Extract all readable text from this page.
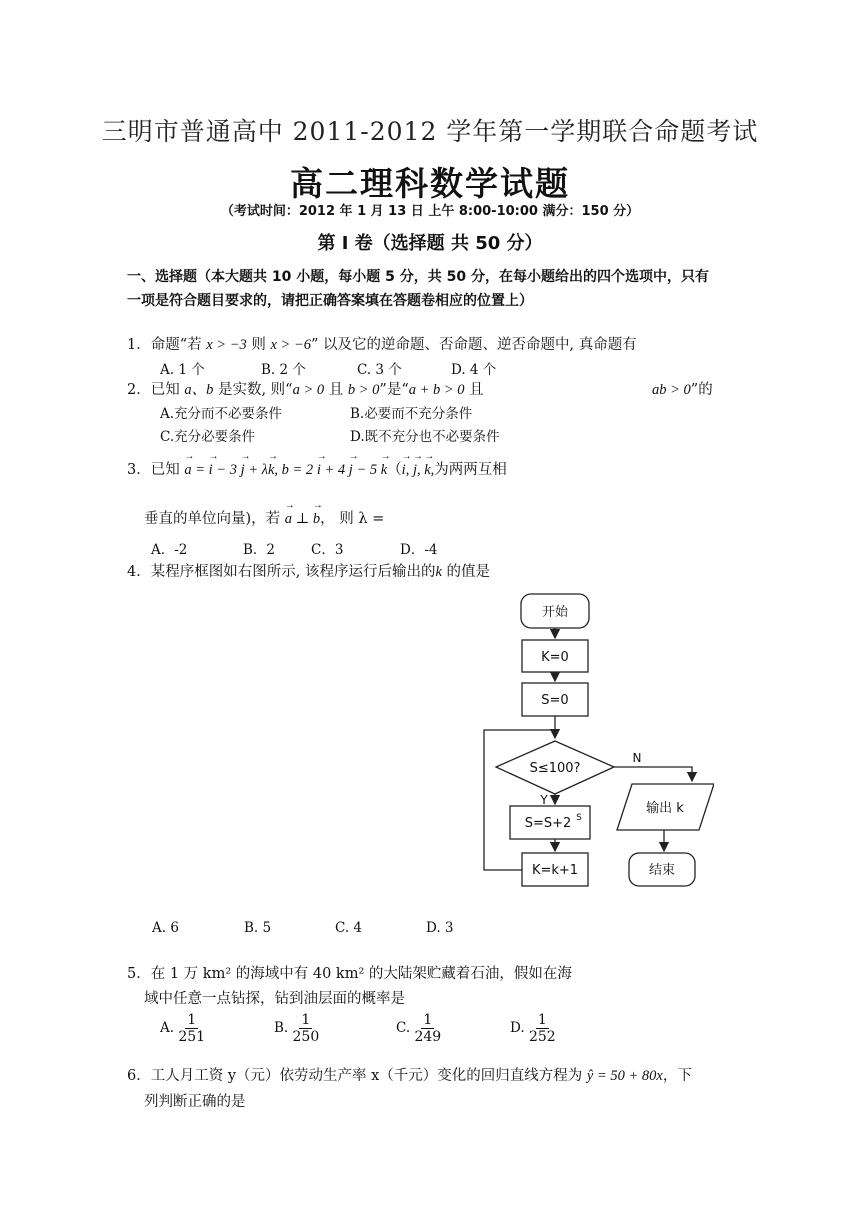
三明市普通高中 2011-2012 学年第一学期联合命题考试
高二理科数学试题
（考试时间：2012 年 1 月 13 日 上午 8:00-10:00 满分：150 分）
第 Ⅰ 卷（选择题 共 50 分）
一、选择题（本大题共 10 小题，每小题 5 分，共 50 分，在每小题给出的四个选项中，只有
一项是符合题目要求的，请把正确答案填在答题卷相应的位置上）
1．命题“若 x > −3 则 x > −6” 以及它的逆命题、否命题、逆否命题中, 真命题有
A. 1 个	B. 2 个	C. 3 个	D. 4 个
2．已知 a、b 是实数, 则“a > 0 且 b > 0”是“a + b > 0 且	ab > 0”的
A.充分而不必要条件	B.必要而不充分条件
C.充分必要条件	D.既不充分也不必要条件
3．已知 → a = → i − 3 → j + λ→ k, b = 2 → i + 4 → j − 5 → k（→ i, → j, → k,为两两互相
垂直的单位向量)，若 → a ⊥ → b， 则 λ =
A．-2	B．2	C．3	D．-4
4．某程序框图如右图所示, 该程序运行后输出的k 的值是
开始
K=0
S=0
S≤100?
Y
N
S=S+2 S
K=k+1
输出 k
结束
A. 6	B. 5	C. 4	D. 3
5．在 1 万 km² 的海域中有 40 km² 的大陆架贮藏着石油，假如在海
域中任意一点钻探，钻到油层面的概率是
A. $\frac{1}{251}$	B. $\frac{1}{250}$	C. $\frac{1}{249}$	D. $\frac{1}{252}$
6．工人月工资 y（元）依劳动生产率 x（千元）变化的回归直线方程为 ŷ = 50 + 80x，下
列判断正确的是
